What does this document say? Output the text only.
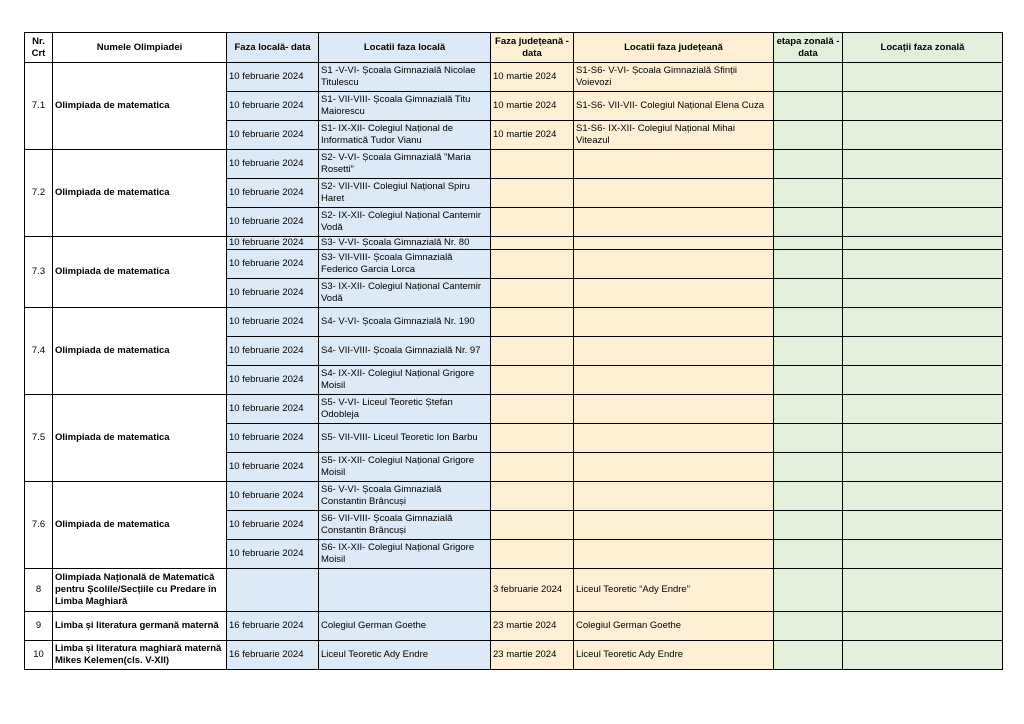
Nr. Crt	Numele Olimpiadei	Faza locală- data	Locatii faza locală	Faza județeană - data	Locatii faza județeană	etapa zonală - data	Locații faza zonală
7.1	Olimpiada de matematica	10 februarie 2024	S1 -V-VI- Școala Gimnazială Nicolae Titulescu	10 martie 2024	S1-S6- V-VI- Școala Gimnazială Sfinții Voievozi		
		10 februarie 2024	S1- VII-VIII- Școala Gimnazială Titu Maiorescu	10 martie 2024	S1-S6- VII-VII- Colegiul Național Elena Cuza		
		10 februarie 2024	S1- IX-XII- Colegiul Național de Informatică Tudor Vianu	10 martie 2024	S1-S6- IX-XII- Colegiul Național Mihai Viteazul		
7.2	Olimpiada de matematica	10 februarie 2024	S2- V-VI- Școala Gimnazială ”Maria Rosetti”				
		10 februarie 2024	S2- VII-VIII- Colegiul Național Spiru Haret				
		10 februarie 2024	S2- IX-XII- Colegiul Național Cantemir Vodă				
7.3	Olimpiada de matematica	10 februarie 2024	S3- V-VI- Școala Gimnazială Nr. 80				
		10 februarie 2024	S3- VII-VIII- Școala Gimnazială Federico Garcia Lorca				
		10 februarie 2024	S3- IX-XII- Colegiul Național Cantemir Vodă				
7.4	Olimpiada de matematica	10 februarie 2024	S4- V-VI- Școala Gimnazială Nr. 190				
		10 februarie 2024	S4- VII-VIII- Școala Gimnazială Nr. 97				
		10 februarie 2024	S4- IX-XII- Colegiul Național Grigore Moisil				
7.5	Olimpiada de matematica	10 februarie 2024	S5- V-VI- Liceul Teoretic Ștefan Odobleja				
		10 februarie 2024	S5- VII-VIII- Liceul Teoretic Ion Barbu				
		10 februarie 2024	S5- IX-XII- Colegiul Național Grigore Moisil				
7.6	Olimpiada de matematica	10 februarie 2024	S6- V-VI- Școala Gimnazială Constantin Brâncuși				
		10 februarie 2024	S6- VII-VIII- Școala Gimnazială Constantin Brâncuși				
		10 februarie 2024	S6- IX-XII- Colegiul Național Grigore Moisil				
8	Olimpiada Națională de Matematică pentru Școlile/Secțiile cu Predare în Limba Maghiară			3 februarie 2024	Liceul Teoretic “Ady Endre”		
9	Limba și literatura germană maternă	16 februarie 2024	Colegiul German Goethe	23 martie 2024	Colegiul German Goethe		
10	Limba și literatura maghiară maternă Mikes Kelemen(cls. V-XII)	16 februarie 2024	Liceul Teoretic Ady Endre	23 martie 2024	Liceul Teoretic Ady Endre		
